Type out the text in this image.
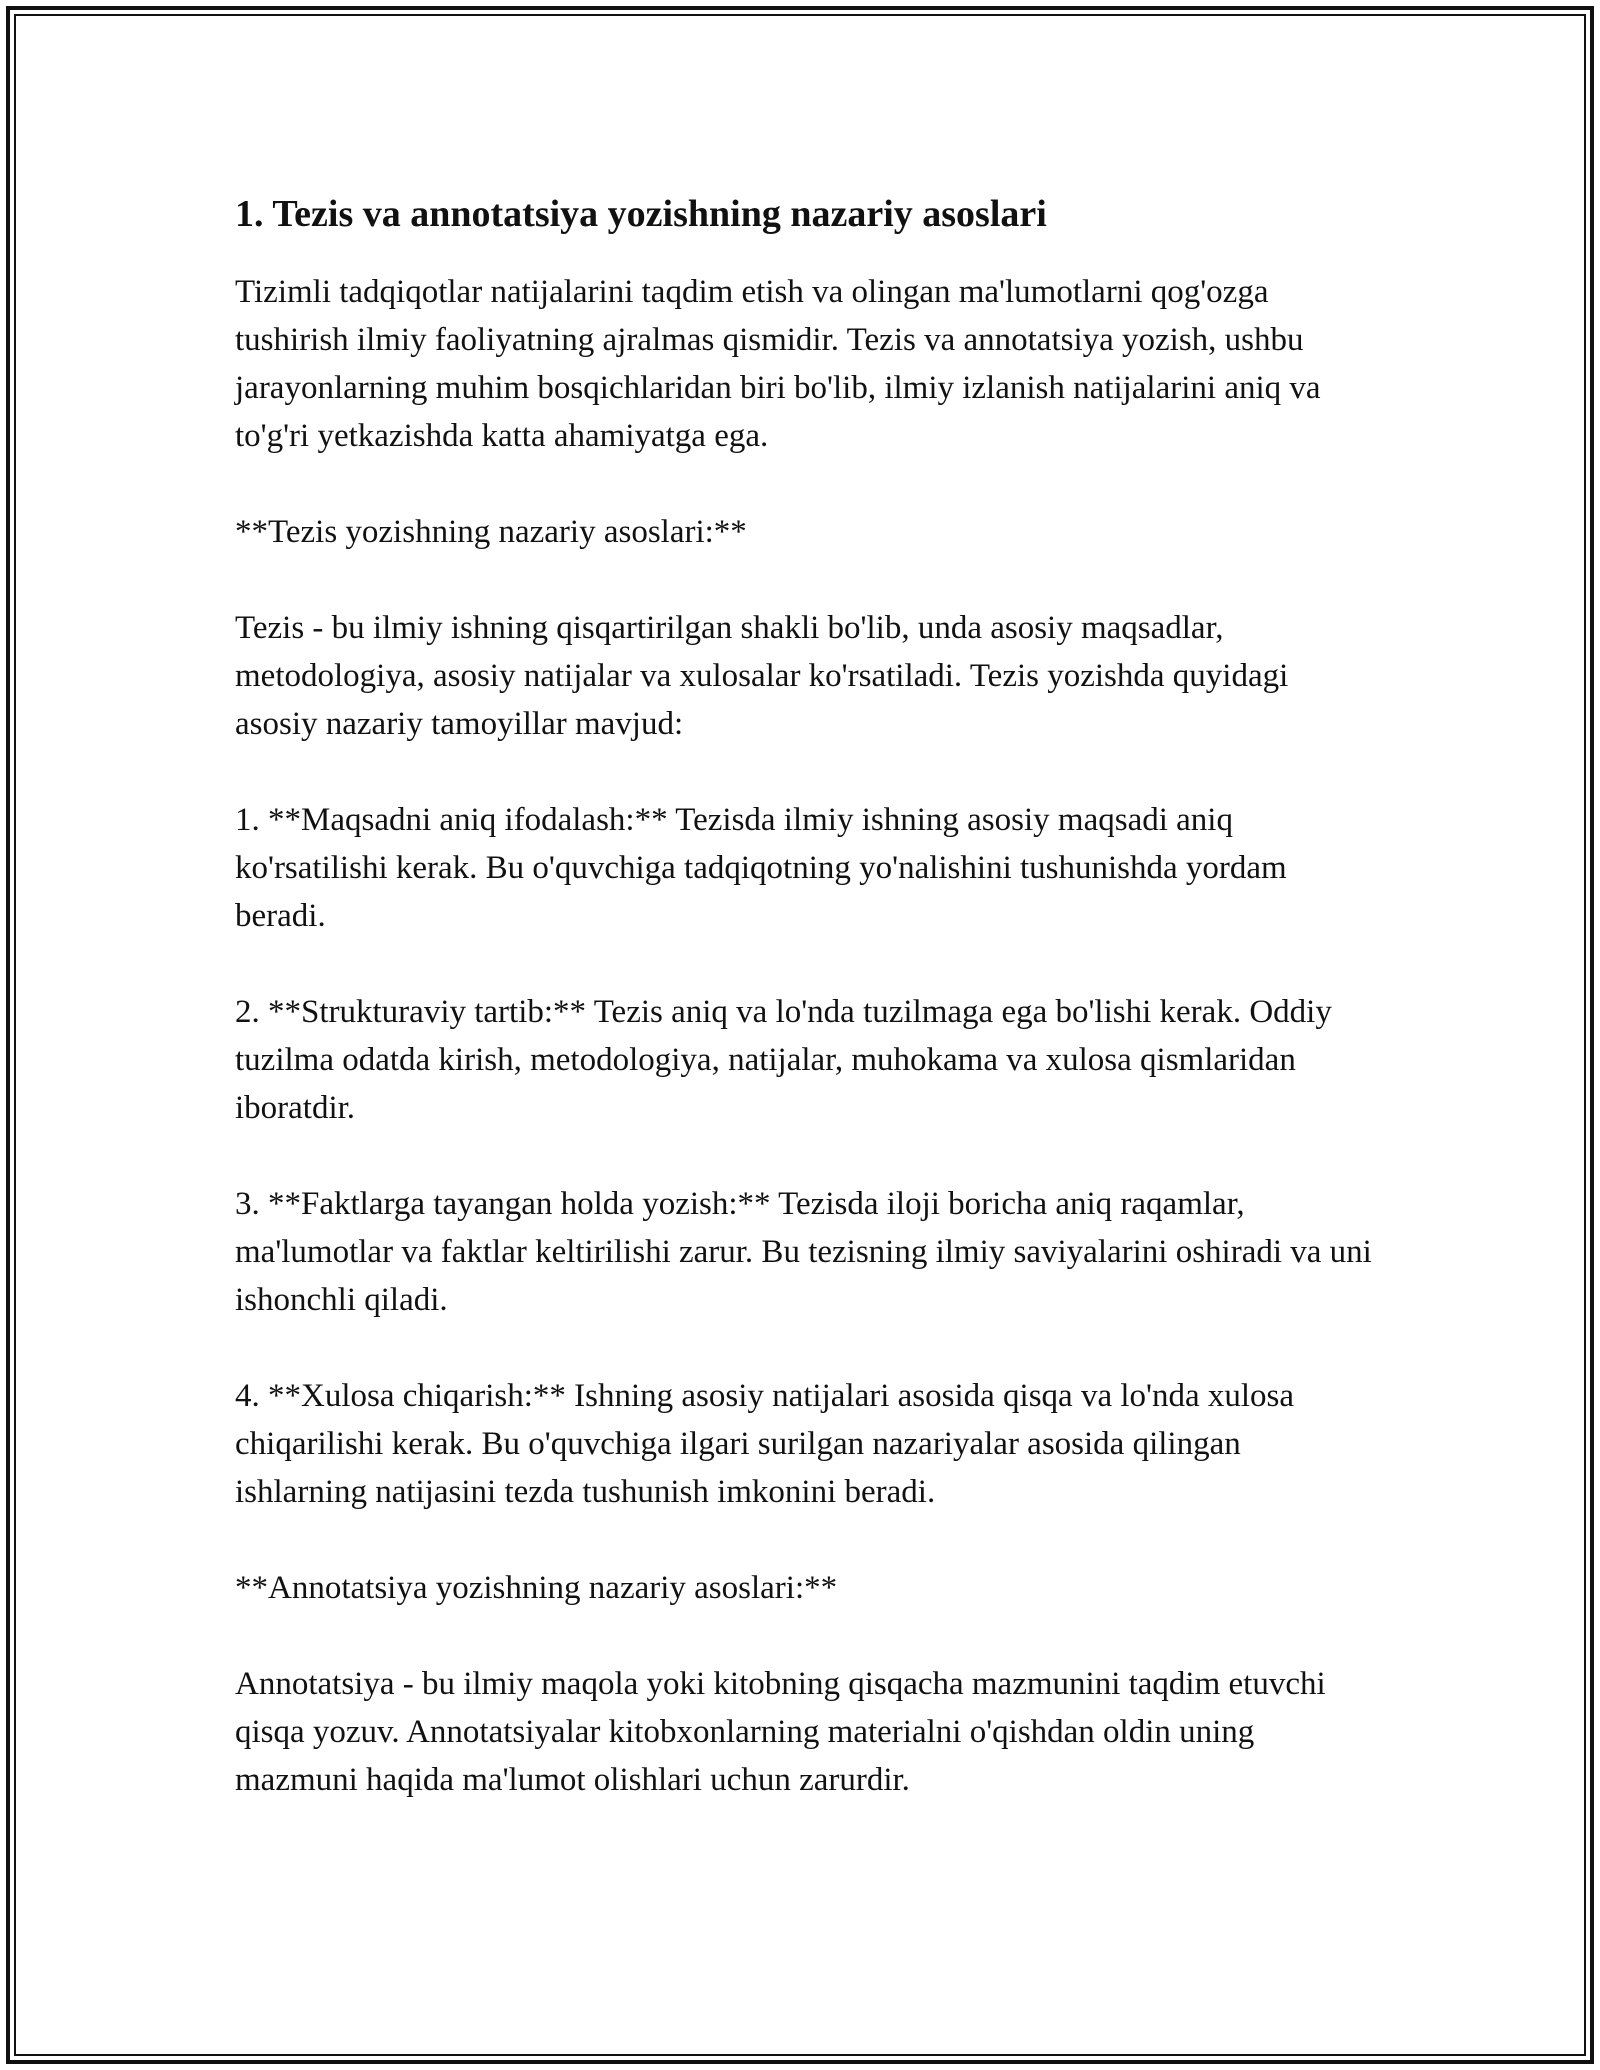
1. Tezis va annotatsiya yozishning nazariy asoslari

Tizimli tadqiqotlar natijalarini taqdim etish va olingan ma'lumotlarni qog'ozga tushirish ilmiy faoliyatning ajralmas qismidir. Tezis va annotatsiya yozish, ushbu jarayonlarning muhim bosqichlaridan biri bo'lib, ilmiy izlanish natijalarini aniq va to'g'ri yetkazishda katta ahamiyatga ega.

**Tezis yozishning nazariy asoslari:**

Tezis - bu ilmiy ishning qisqartirilgan shakli bo'lib, unda asosiy maqsadlar, metodologiya, asosiy natijalar va xulosalar ko'rsatiladi. Tezis yozishda quyidagi asosiy nazariy tamoyillar mavjud:

1. **Maqsadni aniq ifodalash:** Tezisda ilmiy ishning asosiy maqsadi aniq ko'rsatilishi kerak. Bu o'quvchiga tadqiqotning yo'nalishini tushunishda yordam beradi.

2. **Strukturaviy tartib:** Tezis aniq va lo'nda tuzilmaga ega bo'lishi kerak. Oddiy tuzilma odatda kirish, metodologiya, natijalar, muhokama va xulosa qismlaridan iboratdir.

3. **Faktlarga tayangan holda yozish:** Tezisda iloji boricha aniq raqamlar, ma'lumotlar va faktlar keltirilishi zarur. Bu tezisning ilmiy saviyalarini oshiradi va uni ishonchli qiladi.

4. **Xulosa chiqarish:** Ishning asosiy natijalari asosida qisqa va lo'nda xulosa chiqarilishi kerak. Bu o'quvchiga ilgari surilgan nazariyalar asosida qilingan ishlarning natijasini tezda tushunish imkonini beradi.

**Annotatsiya yozishning nazariy asoslari:**

Annotatsiya - bu ilmiy maqola yoki kitobning qisqacha mazmunini taqdim etuvchi qisqa yozuv. Annotatsiyalar kitobxonlarning materialni o'qishdan oldin uning mazmuni haqida ma'lumot olishlari uchun zarurdir.
